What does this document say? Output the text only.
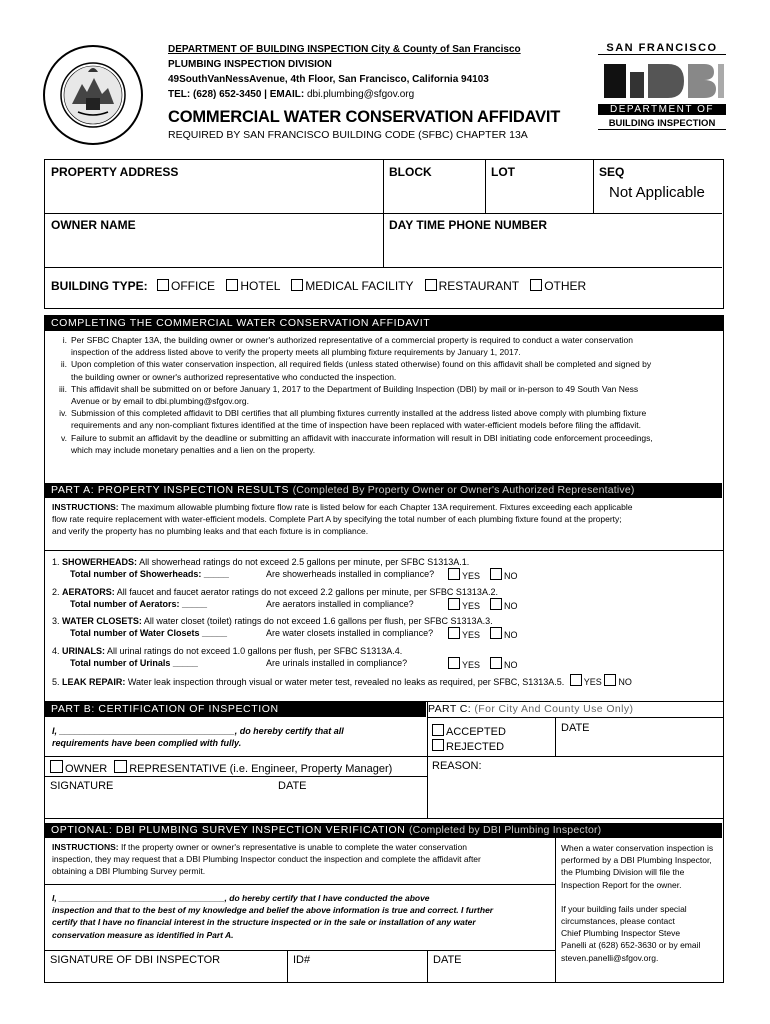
DEPARTMENT OF BUILDING INSPECTION City & County of San Francisco
PLUMBING INSPECTION DIVISION
49SouthVanNessAvenue, 4th Floor, San Francisco, California 94103
TEL: (628) 652-3450 | EMAIL: dbi.plumbing@sfgov.org
COMMERCIAL WATER CONSERVATION AFFIDAVIT
REQUIRED BY SAN FRANCISCO BUILDING CODE (SFBC) CHAPTER 13A
SAN FRANCISCO
DEPARTMENT OF
BUILDING INSPECTION
PROPERTY ADDRESS	BLOCK	LOT	SEQ
Not Applicable
OWNER NAME	DAY TIME PHONE NUMBER
BUILDING TYPE: OFFICE HOTEL MEDICAL FACILITY RESTAURANT OTHER
COMPLETING THE COMMERCIAL WATER CONSERVATION AFFIDAVIT
i. Per SFBC Chapter 13A, the building owner or owner's authorized representative of a commercial property is required to conduct a water conservation
inspection of the address listed above to verify the property meets all plumbing fixture requirements by January 1, 2017.
ii. Upon completion of this water conservation inspection, all required fields (unless stated otherwise) found on this affidavit shall be completed and signed by
the building owner or owner's authorized representative who conducted the inspection.
iii. This affidavit shall be submitted on or before January 1, 2017 to the Department of Building Inspection (DBI) by mail or in-person to 49 South Van Ness
Avenue or by email to dbi.plumbing@sfgov.org.
iv. Submission of this completed affidavit to DBI certifies that all plumbing fixtures currently installed at the address listed above comply with plumbing fixture
requirements and any non-compliant fixtures identified at the time of inspection have been replaced with water-efficient models before filing the affidavit.
v. Failure to submit an affidavit by the deadline or submitting an affidavit with inaccurate information will result in DBI initiating code enforcement proceedings,
which may include monetary penalties and a lien on the property.
PART A: PROPERTY INSPECTION RESULTS (Completed By Property Owner or Owner's Authorized Representative)
INSTRUCTIONS: The maximum allowable plumbing fixture flow rate is listed below for each Chapter 13A requirement. Fixtures exceeding each applicable
flow rate require replacement with water-efficient models. Complete Part A by specifying the total number of each plumbing fixture found at the property;
and verify the property has no plumbing leaks and that each fixture is in compliance.
1. SHOWERHEADS: All showerhead ratings do not exceed 2.5 gallons per minute, per SFBC S1313A.1.
Total number of Showerheads: _____	Are showerheads installed in compliance?	YES	NO
2. AERATORS: All faucet and faucet aerator ratings do not exceed 2.2 gallons per minute, per SFBC S1313A.2.
Total number of Aerators: _____	Are aerators installed in compliance?	YES	NO
3. WATER CLOSETS: All water closet (toilet) ratings do not exceed 1.6 gallons per flush, per SFBC S1313A.3.
Total number of Water Closets _____	Are water closets installed in compliance?	YES	NO
4. URINALS: All urinal ratings do not exceed 1.0 gallons per flush, per SFBC S1313A.4.
Total number of Urinals _____	Are urinals installed in compliance?	YES	NO
5. LEAK REPAIR: Water leak inspection through visual or water meter test, revealed no leaks as required, per SFBC, S1313A.5. YES NO
PART B: CERTIFICATION OF INSPECTION	PART C: (For City And County Use Only)
I, ___________________________________, do hereby certify that all
requirements have been complied with fully.
OWNER REPRESENTATIVE (i.e. Engineer, Property Manager)
SIGNATURE	DATE
ACCEPTED
REJECTED
DATE
REASON:
OPTIONAL: DBI PLUMBING SURVEY INSPECTION VERIFICATION (Completed by DBI Plumbing Inspector)
INSTRUCTIONS: If the property owner or owner's representative is unable to complete the water conservation
inspection, they may request that a DBI Plumbing Inspector conduct the inspection and complete the affidavit after
obtaining a DBI Plumbing Survey permit.
I, ___________________________________, do hereby certify that I have conducted the above
inspection and that to the best of my knowledge and belief the above information is true and correct. I further
certify that I have no financial interest in the structure inspected or in the sale or installation of any water
conservation measure as identified in Part A.
SIGNATURE OF DBI INSPECTOR	ID#	DATE
When a water conservation inspection is
performed by a DBI Plumbing Inspector,
the Plumbing Division will file the
Inspection Report for the owner.
If your building fails under special
circumstances, please contact
Chief Plumbing Inspector Steve
Panelli at (628) 652-3630 or by email
steven.panelli@sfgov.org.
